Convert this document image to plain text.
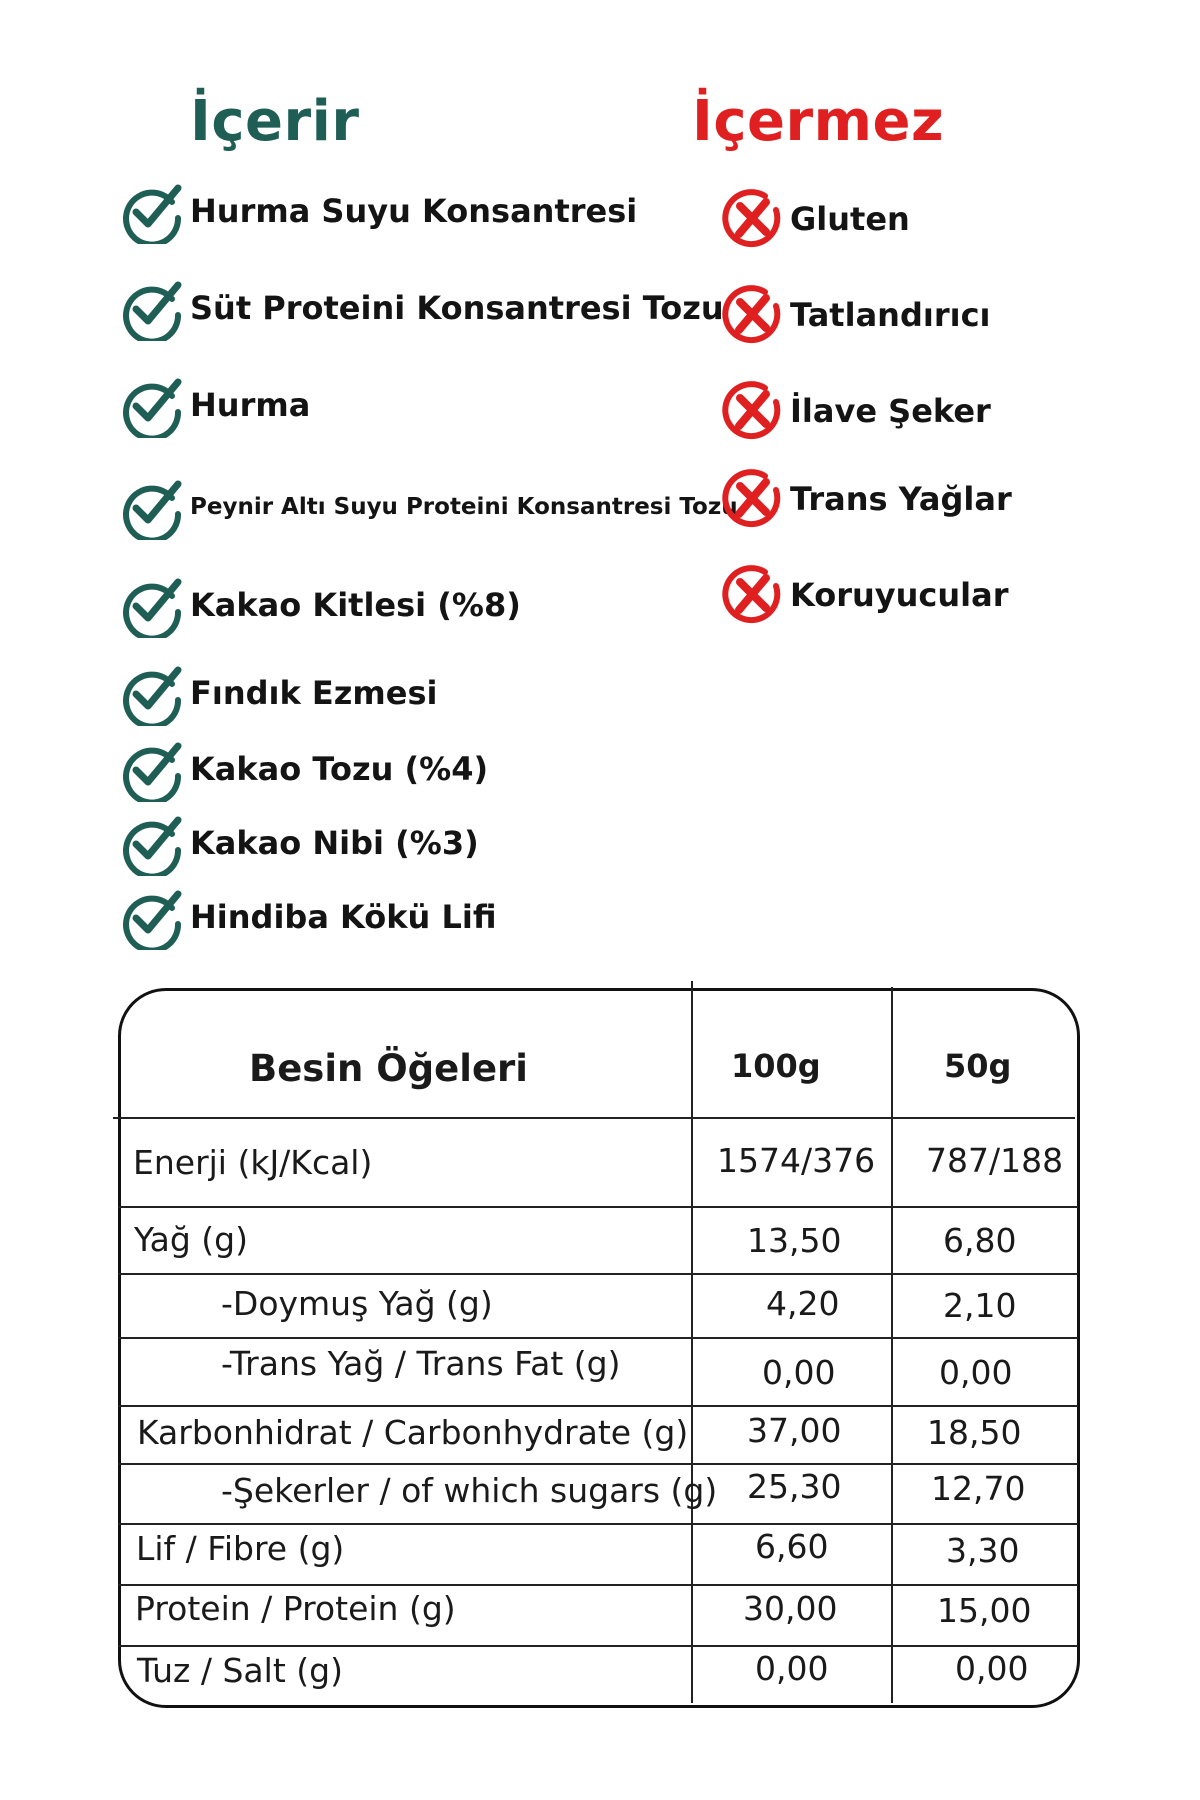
İçerir	İçermez
Hurma Suyu Konsantresi
Süt Proteini Konsantresi Tozu
Hurma
Peynir Altı Suyu Proteini Konsantresi Tozu
Kakao Kitlesi (%8)
Fındık Ezmesi
Kakao Tozu (%4)
Kakao Nibi (%3)
Hindiba Kökü Lifi
Gluten
Tatlandırıcı
İlave Şeker
Trans Yağlar
Koruyucular
Besin Öğeleri	100g	50g
Enerji (kJ/Kcal)	1574/376 787/188
Yağ (g)	13,50	6,80
-Doymuş Yağ (g)	4,20	2,10
-Trans Yağ / Trans Fat (g)	0,00	0,00
Karbonhidrat / Carbonhydrate (g) 37,00	18,50
-Şekerler / of which sugars (g) 25,30	12,70
Lif / Fibre (g)	6,60	3,30
Protein / Protein (g)	30,00	15,00
Tuz / Salt (g)	0,00	0,00
